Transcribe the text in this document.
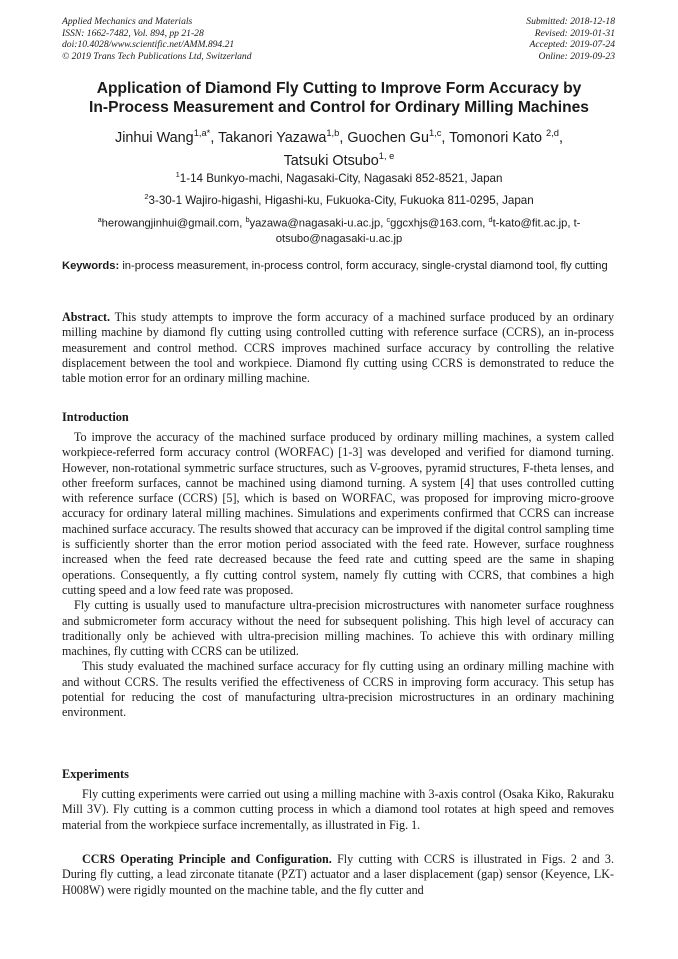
Applied Mechanics and Materials
ISSN: 1662-7482, Vol. 894, pp 21-28
doi:10.4028/www.scientific.net/AMM.894.21
© 2019 Trans Tech Publications Ltd, Switzerland
Submitted: 2018-12-18
Revised: 2019-01-31
Accepted: 2019-07-24
Online: 2019-09-23
Application of Diamond Fly Cutting to Improve Form Accuracy by
In-Process Measurement and Control for Ordinary Milling Machines
Jinhui Wang$^{1,a*}$, Takanori Yazawa$^{1,b}$, Guochen Gu$^{1,c}$, Tomonori Kato $^{2,d}$,
Tatsuki Otsubo$^{1, e}$
$^1$1-14 Bunkyo-machi, Nagasaki-City, Nagasaki 852-8521, Japan
$^2$3-30-1 Wajiro-higashi, Higashi-ku, Fukuoka-City, Fukuoka 811-0295, Japan
$^a$herowangjinhui@gmail.com, $^b$yazawa@nagasaki-u.ac.jp, $^c$ggcxhjs@163.com, $^d$t-kato@fit.ac.jp, t-otsubo@nagasaki-u.ac.jp
Keywords: in-process measurement, in-process control, form accuracy, single-crystal diamond tool, fly cutting

Abstract. This study attempts to improve the form accuracy of a machined surface produced by an ordinary milling machine by diamond fly cutting using controlled cutting with reference surface (CCRS), an in-process measurement and control method. CCRS improves machined surface accuracy by controlling the relative displacement between the tool and workpiece. Diamond fly cutting using CCRS is demonstrated to reduce the table motion error for an ordinary milling machine.

Introduction

To improve the accuracy of the machined surface produced by ordinary milling machines, a system called workpiece-referred form accuracy control (WORFAC) [1-3] was developed and verified for diamond turning. However, non-rotational symmetric surface structures, such as V-grooves, pyramid structures, F-theta lenses, and other freeform surfaces, cannot be machined using diamond turning. A system [4] that uses controlled cutting with reference surface (CCRS) [5], which is based on WORFAC, was proposed for improving micro-groove accuracy for ordinary lateral milling machines. Simulations and experiments confirmed that CCRS can increase machined surface accuracy. The results showed that accuracy can be improved if the digital control sampling time is sufficiently shorter than the error motion period associated with the feed rate. However, surface roughness increased when the feed rate decreased because the feed rate and cutting speed are the same in shaping operations. Consequently, a fly cutting control system, namely fly cutting with CCRS, that combines a high cutting speed and a low feed rate was proposed.

Fly cutting is usually used to manufacture ultra-precision microstructures with nanometer surface roughness and submicrometer form accuracy without the need for subsequent polishing. This high level of accuracy can traditionally only be achieved with ultra-precision milling machines. To achieve this with ordinary milling machines, fly cutting with CCRS can be utilized.

This study evaluated the machined surface accuracy for fly cutting using an ordinary milling machine with and without CCRS. The results verified the effectiveness of CCRS in improving form accuracy. This setup has potential for reducing the cost of manufacturing ultra-precision microstructures in an ordinary machining environment.

Experiments

Fly cutting experiments were carried out using a milling machine with 3-axis control (Osaka Kiko, Rakuraku Mill 3V). Fly cutting is a common cutting process in which a diamond tool rotates at high speed and removes material from the workpiece surface incrementally, as illustrated in Fig. 1.

CCRS Operating Principle and Configuration. Fly cutting with CCRS is illustrated in Figs. 2 and 3. During fly cutting, a lead zirconate titanate (PZT) actuator and a laser displacement (gap) sensor (Keyence, LK-H008W) were rigidly mounted on the machine table, and the fly cutter and
